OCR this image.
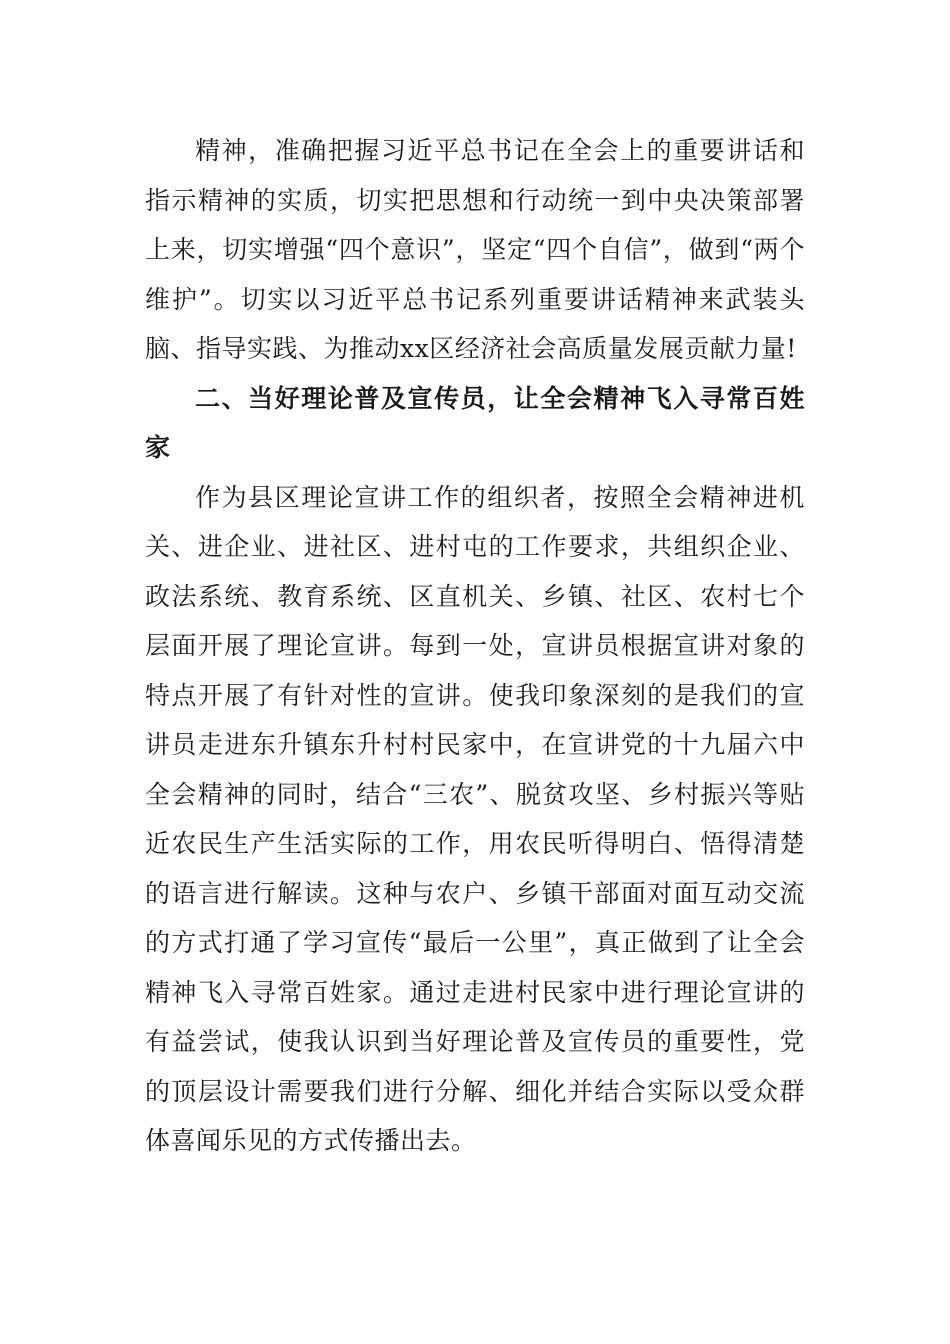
精神，准确把握习近平总书记在全会上的重要讲话和指示精神的实质，切实把思想和行动统一到中央决策部署上来，切实增强“四个意识”，坚定“四个自信”，做到“两个维护”。切实以习近平总书记系列重要讲话精神来武装头脑、指导实践、为推动xx区经济社会高质量发展贡献力量!

二、当好理论普及宣传员，让全会精神飞入寻常百姓家

作为县区理论宣讲工作的组织者，按照全会精神进机关、进企业、进社区、进村屯的工作要求，共组织企业、政法系统、教育系统、区直机关、乡镇、社区、农村七个层面开展了理论宣讲。每到一处，宣讲员根据宣讲对象的特点开展了有针对性的宣讲。使我印象深刻的是我们的宣讲员走进东升镇东升村村民家中，在宣讲党的十九届六中全会精神的同时，结合“三农”、脱贫攻坚、乡村振兴等贴近农民生产生活实际的工作，用农民听得明白、悟得清楚的语言进行解读。这种与农户、乡镇干部面对面互动交流的方式打通了学习宣传“最后一公里”，真正做到了让全会精神飞入寻常百姓家。通过走进村民家中进行理论宣讲的有益尝试，使我认识到当好理论普及宣传员的重要性，党的顶层设计需要我们进行分解、细化并结合实际以受众群体喜闻乐见的方式传播出去。
